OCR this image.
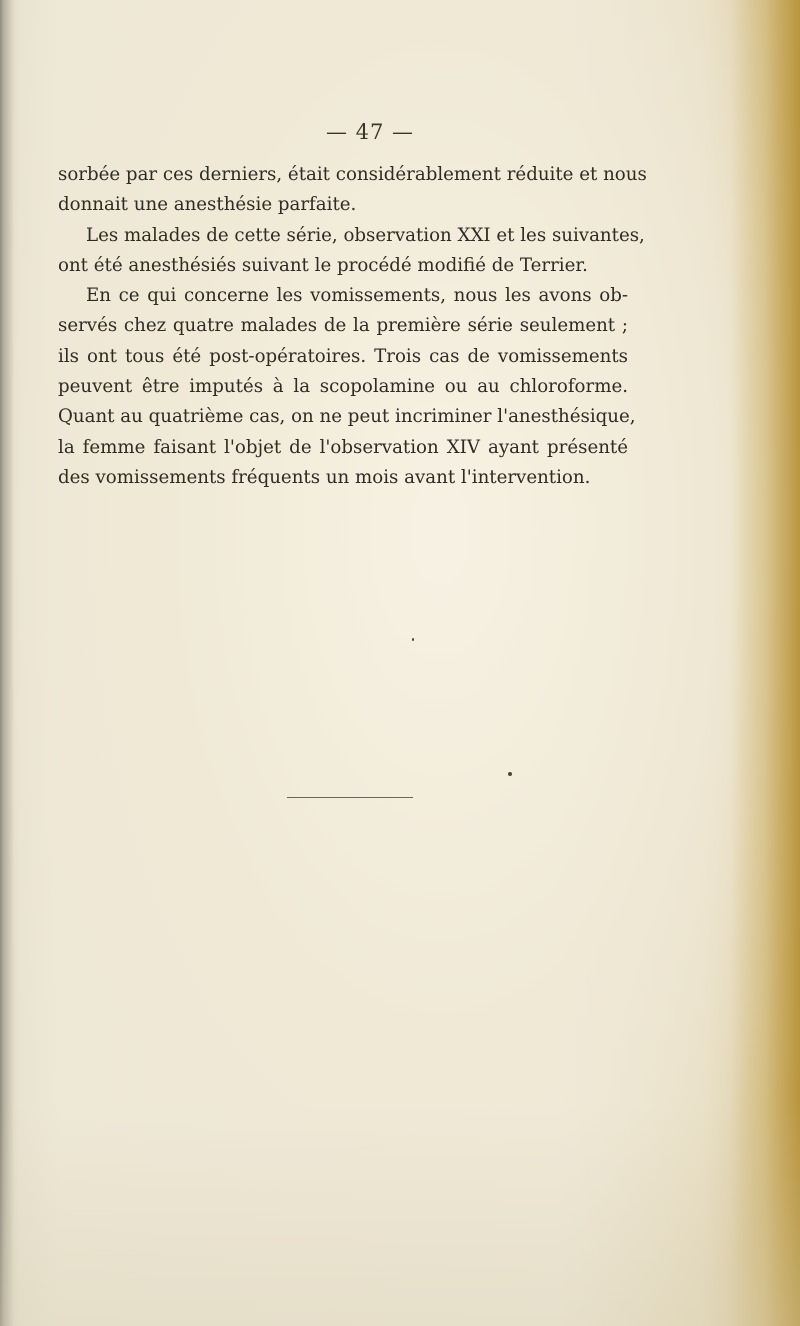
— 47 —
sorbée par ces derniers, était considérablement réduite et nous
donnait une anesthésie parfaite.
Les malades de cette série, observation XXI et les suivantes,
ont été anesthésiés suivant le procédé modifié de Terrier.
En ce qui concerne les vomissements, nous les avons ob-
servés chez quatre malades de la première série seulement ;
ils ont tous été post-opératoires. Trois cas de vomissements
peuvent être imputés à la scopolamine ou au chloroforme.
Quant au quatrième cas, on ne peut incriminer l'anesthésique,
la femme faisant l'objet de l'observation XIV ayant présenté
des vomissements fréquents un mois avant l'intervention.
